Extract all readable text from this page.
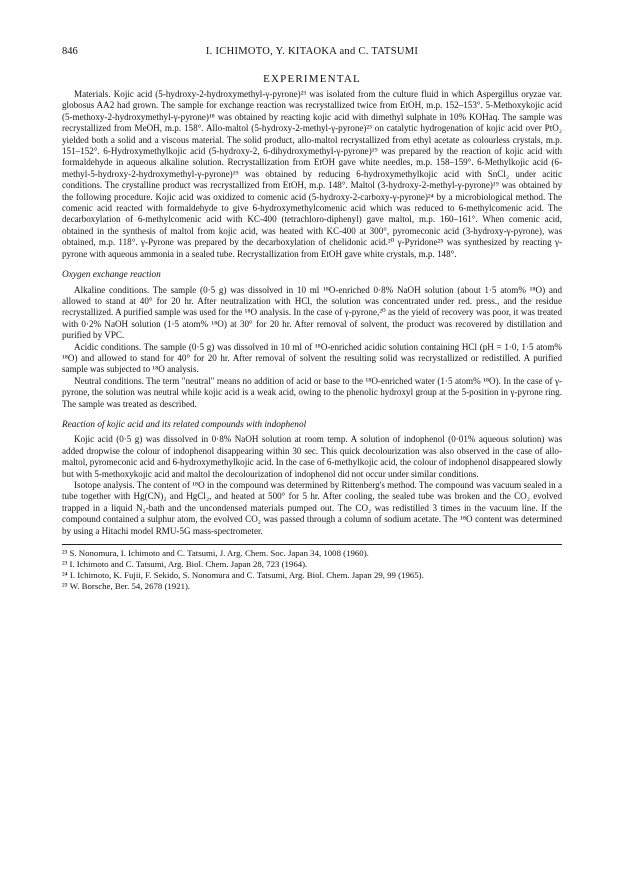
846	I. ICHIMOTO, Y. KITAOKA and C. TATSUMI
EXPERIMENTAL

Materials. Kojic acid (5-hydroxy-2-hydroxymethyl-γ-pyrone)²³ was isolated from the culture fluid in which Aspergillus oryzae var. globosus AA2 had grown. The sample for exchange reaction was recrystallized twice from EtOH, m.p. 152–153°. 5-Methoxykojic acid (5-methoxy-2-hydroxymethyl-γ-pyrone)¹⁸ was obtained by reacting kojic acid with dimethyl sulphate in 10% KOHaq. The sample was recrystallized from MeOH, m.p. 158°. Allo-maltol (5-hydroxy-2-methyl-γ-pyrone)²³ on catalytic hydrogenation of kojic acid over PtO₂ yielded both a solid and a viscous material. The solid product, allo-maltol recrystallized from ethyl acetate as colourless crystals, m.p. 151–152°. 6-Hydroxymethylkojic acid (5-hydroxy-2, 6-dihydroxymethyl-γ-pyrone)¹⁹ was prepared by the reaction of kojic acid with formaldehyde in aqueous alkaline solution. Recrystallization from EtOH gave white needles, m.p. 158–159°. 6-Methylkojic acid (6-methyl-5-hydroxy-2-hydroxymethyl-γ-pyrone)¹⁹ was obtained by reducing 6-hydroxymethylkojic acid with SnCl₂ under acitic conditions. The crystalline product was recrystallized from EtOH, m.p. 148°. Maltol (3-hydroxy-2-methyl-γ-pyrone)¹⁹ was obtained by the following procedure. Kojic acid was oxidized to comenic acid (5-hydroxy-2-carboxy-γ-pyrone)²⁴ by a microbiological method. The comenic acid reacted with formaldehyde to give 6-hydroxymethylcomenic acid which was reduced to 6-methylcomenic acid. The decarboxylation of 6-methylcomenic acid with KC-400 (tetrachloro-diphenyl) gave maltol, m.p. 160–161°. When comenic acid, obtained in the synthesis of maltol from kojic acid, was heated with KC-400 at 300°, pyromeconic acid (3-hydroxy-γ-pyrone), was obtained, m.p. 118°. γ-Pyrone was prepared by the decarboxylation of chelidonic acid.²⁰ γ-Pyridone²⁵ was synthesized by reacting γ-pyrone with aqueous ammonia in a sealed tube. Recrystallization from EtOH gave white crystals, m.p. 148°.

Oxygen exchange reaction

Alkaline conditions. The sample (0·5 g) was dissolved in 10 ml ¹⁸O-enriched 0·8% NaOH solution (about 1·5 atom% ¹⁸O) and allowed to stand at 40° for 20 hr. After neutralization with HCl, the solution was concentrated under red. press., and the residue recrystallized. A purified sample was used for the ¹⁸O analysis. In the case of γ-pyrone,²⁰ as the yield of recovery was poor, it was treated with 0·2% NaOH solution (1·5 atom% ¹⁸O) at 30° for 20 hr. After removal of solvent, the product was recovered by distillation and purified by VPC.

Acidic conditions. The sample (0·5 g) was dissolved in 10 ml of ¹⁸O-enriched acidic solution containing HCl (pH = 1·0, 1·5 atom% ¹⁸O) and allowed to stand for 40° for 20 hr. After removal of solvent the resulting solid was recrystallized or redistilled. A purified sample was subjected to ¹⁸O analysis.

Neutral conditions. The term "neutral" means no addition of acid or base to the ¹⁸O-enriched water (1·5 atom% ¹⁸O). In the case of γ-pyrone, the solution was neutral while kojic acid is a weak acid, owing to the phenolic hydroxyl group at the 5-position in γ-pyrone ring. The sample was treated as described.

Reaction of kojic acid and its related compounds with indophenol

Kojic acid (0·5 g) was dissolved in 0·8% NaOH solution at room temp. A solution of indophenol (0·01% aqueous solution) was added dropwise the colour of indophenol disappearing within 30 sec. This quick decolourization was also observed in the case of allo-maltol, pyromeconic acid and 6-hydroxymethylkojic acid. In the case of 6-methylkojic acid, the colour of indophenol disappeared slowly but with 5-methoxykojic acid and maltol the decolourization of indophenol did not occur under similar conditions.

Isotope analysis. The content of ¹⁸O in the compound was determined by Rittenberg's method. The compound was vacuum sealed in a tube together with Hg(CN)₂ and HgCl₂, and heated at 500° for 5 hr. After cooling, the sealed tube was broken and the CO₂ evolved trapped in a liquid N₂-bath and the uncondensed materials pumped out. The CO₂ was redistilled 3 times in the vacuum line. If the compound contained a sulphur atom, the evolved CO₂ was passed through a column of sodium acetate. The ¹⁸O content was determined by using a Hitachi model RMU-5G mass-spectrometer.

²³ S. Nonomura, I. Ichimoto and C. Tatsumi, J. Arg. Chem. Soc. Japan 34, 1008 (1960).

²³ I. Ichimoto and C. Tatsumi, Arg. Biol. Chem. Japan 28, 723 (1964).

²⁴ I. Ichimoto, K. Fujii, F. Sekido, S. Nonomura and C. Tatsumi, Arg. Biol. Chem. Japan 29, 99 (1965).

²⁵ W. Borsche, Ber. 54, 2678 (1921).
